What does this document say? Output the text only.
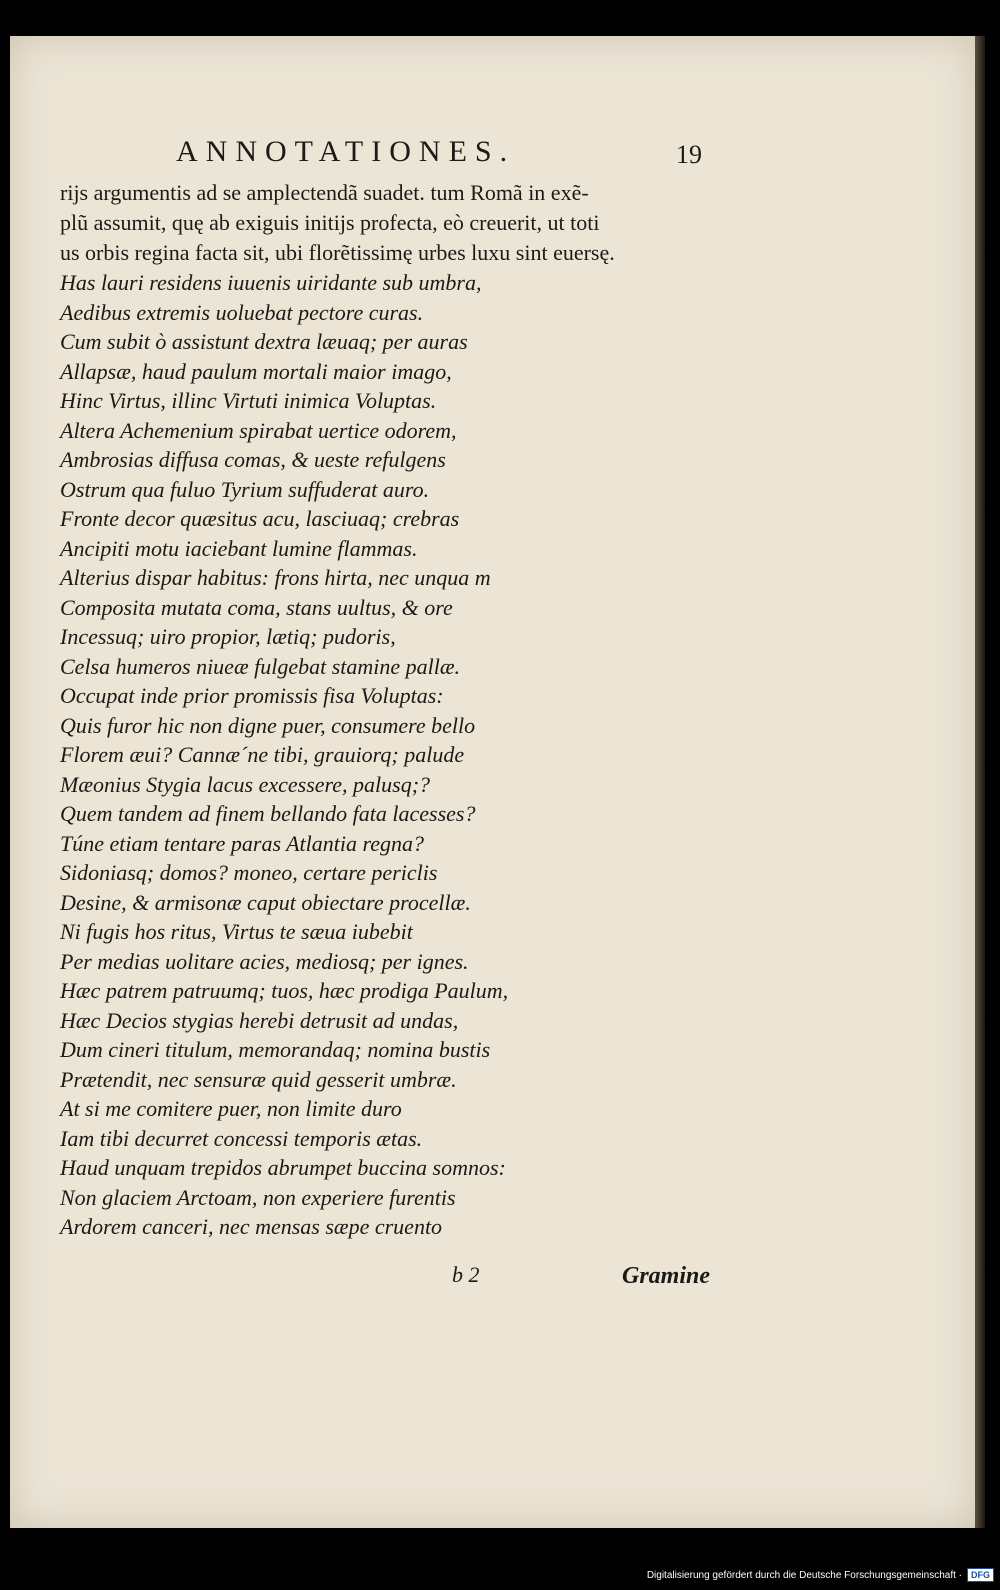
ANNOTATIONES.	19
rijs argumentis ad se amplectendã suadet. tum Romã in exẽ-
plũ assumit, quę ab exiguis initijs profecta, eò creuerit, ut toti
us orbis regina facta sit, ubi florẽtissimę urbes luxu sint euersę.
Has lauri residens iuuenis uiridante sub umbra,
Aedibus extremis uoluebat pectore curas.
Cum subit ò assistunt dextra læuaq; per auras
Allapsæ, haud paulum mortali maior imago,
Hinc Virtus, illinc Virtuti inimica Voluptas.
Altera Achemenium spirabat uertice odorem,
Ambrosias diffusa comas, & ueste refulgens
Ostrum qua fuluo Tyrium suffuderat auro.
Fronte decor quæsitus acu, lasciuaq; crebras
Ancipiti motu iaciebant lumine flammas.
Alterius dispar habitus: frons hirta, nec unqua m
Composita mutata coma, stans uultus, & ore
Incessuq; uiro propior, lætiq; pudoris,
Celsa humeros niueæ fulgebat stamine pallæ.
Occupat inde prior promissis fisa Voluptas:
Quis furor hic non digne puer, consumere bello
Florem æui? Cannæ´ne tibi, grauiorq; palude
Mæonius Stygia lacus excessere, palusq;?
Quem tandem ad finem bellando fata lacesses?
Túne etiam tentare paras Atlantia regna?
Sidoniasq; domos? moneo, certare periclis
Desine, & armisonæ caput obiectare procellæ.
Ni fugis hos ritus, Virtus te sæua iubebit
Per medias uolitare acies, mediosq; per ignes.
Hæc patrem patruumq; tuos, hæc prodiga Paulum,
Hæc Decios stygias herebi detrusit ad undas,
Dum cineri titulum, memorandaq; nomina bustis
Prætendit, nec sensuræ quid gesserit umbræ.
At si me comitere puer, non limite duro
Iam tibi decurret concessi temporis ætas.
Haud unquam trepidos abrumpet buccina somnos:
Non glaciem Arctoam, non experiere furentis
Ardorem canceri, nec mensas sæpe cruento
b 2	Gramine
Digitalisierung gefördert durch die Deutsche Forschungsgemeinschaft ·	DFG
